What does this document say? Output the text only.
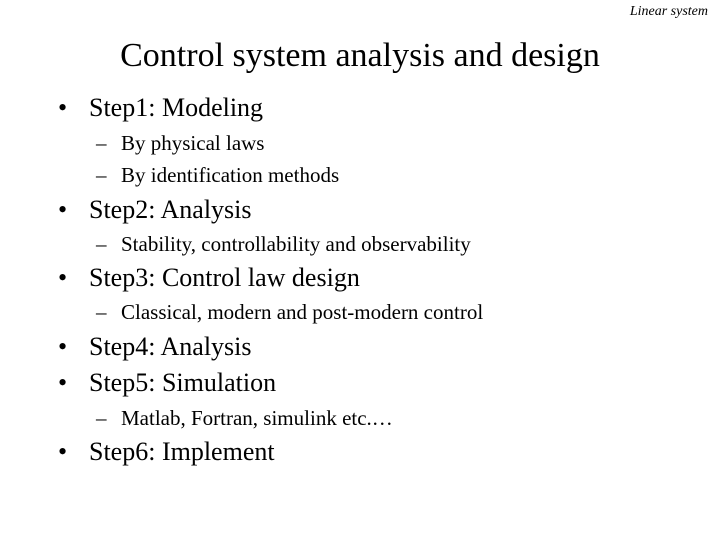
Linear system
Control system analysis and design
• Step1: Modeling
– By physical laws
– By identification methods
• Step2: Analysis
– Stability, controllability and observability
• Step3: Control law design
– Classical, modern and post-modern control
• Step4: Analysis
• Step5: Simulation
– Matlab, Fortran, simulink etc.…
• Step6: Implement
